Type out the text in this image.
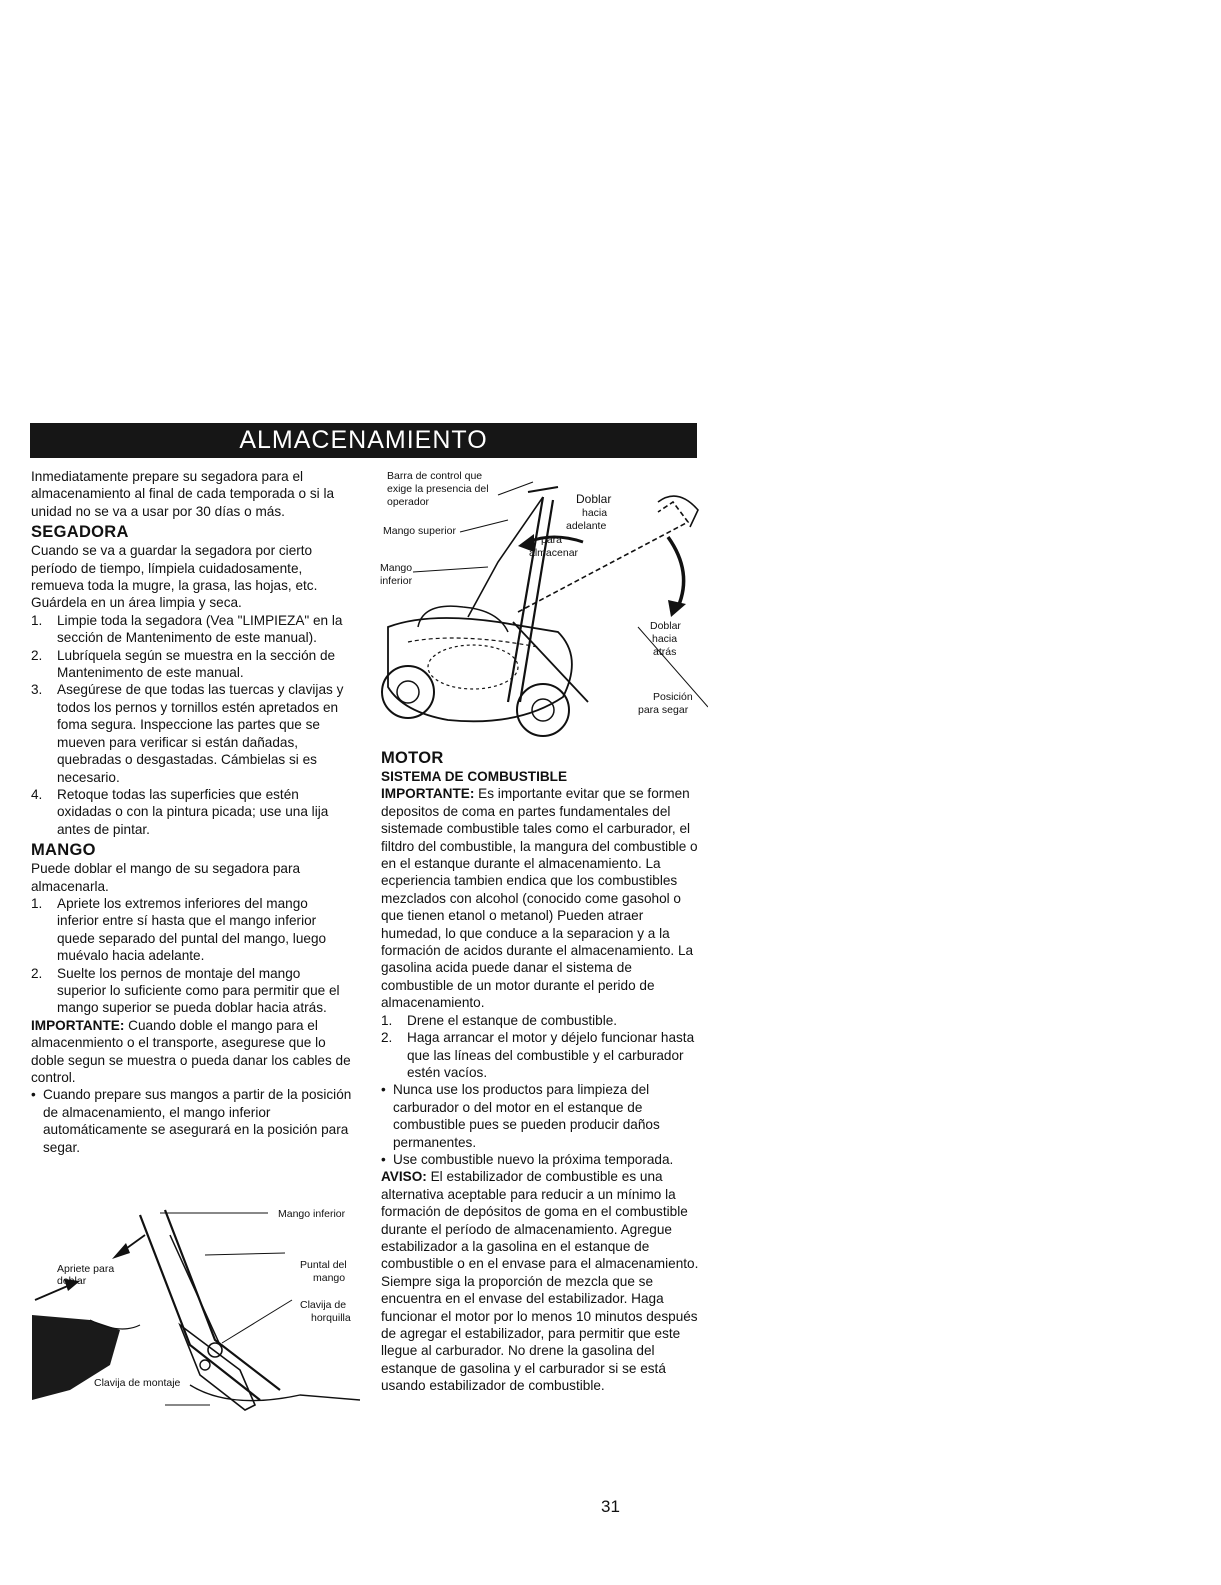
ALMACENAMIENTO

Inmediatamente prepare su segadora para el almacenamiento al final de cada temporada o si la unidad no se va a usar por 30 días o más.

SEGADORA

Cuando se va a guardar la segadora por cierto período de tiempo, límpiela cuidadosamente, remueva toda la mugre, la grasa, las hojas, etc. Guárdela en un área limpia y seca.

1.	Limpie toda la segadora (Vea "LIMPIEZA" en la sección de Mantenimento de este manual).
2.	Lubríquela según se muestra en la sección de Mantenimento de este manual.
3.	Asegúrese de que todas las tuercas y clavijas y todos los pernos y tornillos estén apretados en foma segura. Inspeccione las partes que se mueven para verificar si están dañadas, quebradas o desgastadas. Cámbielas si es necesario.
4.	Retoque todas las superficies que estén oxidadas o con la pintura picada; use una lija antes de pintar.
MANGO

Puede doblar el mango de su segadora para almacenarla.

1.	Apriete los extremos inferiores del mango inferior entre sí hasta que el mango inferior quede separado del puntal del mango, luego muévalo hacia adelante.
2.	Suelte los pernos de montaje del mango superior lo suficiente como para permitir que el mango superior se pueda doblar hacia atrás.

IMPORTANTE: Cuando doble el mango para el almacenmiento o el transporte, asegurese que lo doble segun se muestra o pueda danar los cables de control.

• Cuando prepare sus mangos a partir de la posición de almacenamiento, el mango inferior automáticamente se asegurará en la posición para segar.
Mango inferior
Puntal del
mango
Clavija de
horquilla
Apriete para
doblar
Clavija de montaje
Barra de control que
exige la presencia del
operador
Mango superior
Mango
inferior
Doblar
hacia
adelante
para
almacenar
Doblar
hacia
atrás
Posición
para segar
MOTOR
SISTEMA DE COMBUSTIBLE

IMPORTANTE: Es importante evitar que se formen depositos de coma en partes fundamentales del sistemade combustible tales como el carburador, el filtdro del combustible, la mangura del combustible o en el estanque durante el almacenamiento. La ecperiencia tambien endica que los combustibles mezclados con alcohol (conocido come gasohol o que tienen etanol o metanol) Pueden atraer humedad, lo que conduce a la separacion y a la formación de acidos durante el almacenamiento. La gasolina acida puede danar el sistema de combustible de un motor durante el perido de almacenamiento.

1.	Drene el estanque de combustible.
2.	Haga arrancar el motor y déjelo funcionar hasta que las líneas del combustible y el carburador estén vacíos.
• Nunca use los productos para limpieza del carburador o del motor en el estanque de combustible pues se pueden producir daños permanentes.
• Use combustible nuevo la próxima temporada.

AVISO: El estabilizador de combustible es una alternativa aceptable para reducir a un mínimo la formación de depósitos de goma en el combustible durante el período de almacenamiento. Agregue estabilizador a la gasolina en el estanque de combustible o en el envase para el almacenamiento. Siempre siga la proporción de mezcla que se encuentra en el envase del estabilizador. Haga funcionar el motor por lo menos 10 minutos después de agregar el estabilizador, para permitir que este llegue al carburador. No drene la gasolina del estanque de gasolina y el carburador si se está usando estabilizador de combustible.

31
